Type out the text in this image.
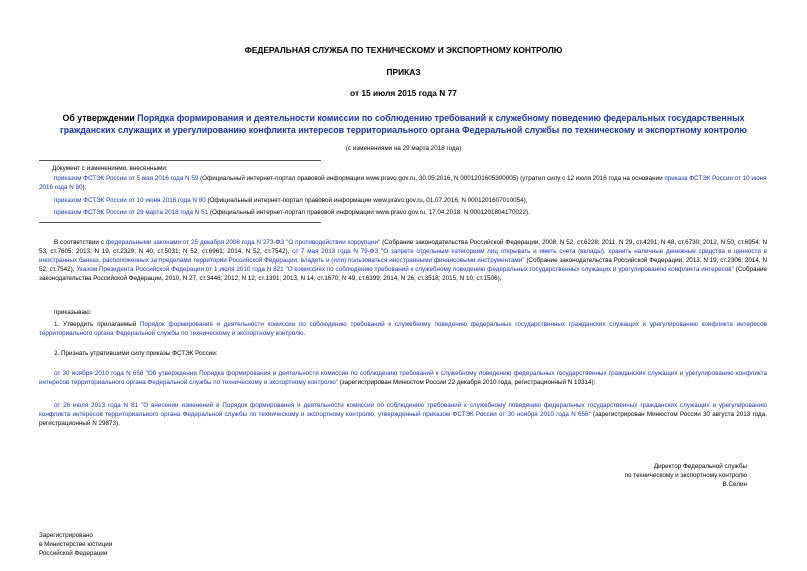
ФЕДЕРАЛЬНАЯ СЛУЖБА ПО ТЕХНИЧЕСКОМУ И ЭКСПОРТНОМУ КОНТРОЛЮ
ПРИКАЗ
от 15 июля 2015 года N 77
Об утверждении Порядка формирования и деятельности комиссии по соблюдению требований к служебному поведению федеральных государственных гражданских служащих и урегулированию конфликта интересов территориального органа Федеральной службы по техническому и экспортному контролю
(с изменениями на 29 марта 2018 года)
Документ с изменениями, внесенными:
приказом ФСТЭК России от 5 мая 2016 года N 59 (Официальный интернет-портал правовой информации www.pravo.gov.ru, 30.05.2016, N 0001201605300005) (утратил силу с 12 июля 2016 года на основании приказа ФСТЭК России от 10 июня 2016 года N 80);
приказом ФСТЭК России от 10 июня 2016 года N 80 (Официальный интернет-портал правовой информации www.pravo.gov.ru, 01.07.2016, N 0001201607010054);
приказом ФСТЭК России от 29 марта 2018 года N 51 (Официальный интернет-портал правовой информации www.pravo.gov.ru, 17.04.2018, N 0001201804170022).
В соответствии с федеральными законами от 25 декабря 2008 года N 273-ФЗ "О противодействии коррупции" (Собрание законодательства Российской Федерации, 2008, N 52, ст.6228; 2011, N 29, ст.4291; N 48, ст.6730; 2012, N 50, ст.6954; N 53, ст.7605; 2013, N 19, ст.2329; N 40, ст.5031; N 52, ст.6961; 2014, N 52, ст.7542), от 7 мая 2013 года N 79-ФЗ "О запрете отдельным категориям лиц открывать и иметь счета (вклады), хранить наличные денежные средства и ценности в иностранных банках, расположенных за пределами территории Российской Федерации, владеть и (или) пользоваться иностранными финансовыми инструментами" (Собрание законодательства Российской Федерации, 2013, N 19, ст.2306; 2014, N 52, ст.7542), Указом Президента Российской Федерации от 1 июля 2010 года N 821 "О комиссиях по соблюдению требований к служебному поведению федеральных государственных служащих и урегулированию конфликта интересов" (Собрание законодательства Российской Федерации, 2010, N 27, ст.3446; 2012, N 12, ст.1391; 2013, N 14, ст.1670; N 49, ст.6399; 2014, N 26, ст.3518; 2015, N 10, ст.1506),
приказываю:
1. Утвердить прилагаемый Порядок формирования и деятельности комиссии по соблюдению требований к служебному поведению федеральных государственных гражданских служащих и урегулированию конфликта интересов территориального органа Федеральной службы по техническому и экспортному контролю.
2. Признать утратившими силу приказы ФСТЭК России:
от 30 ноября 2010 года N 656 "Об утверждении Порядка формирования и деятельности комиссии по соблюдению требований к служебному поведению федеральных государственных гражданских служащих и урегулированию конфликта интересов территориального органа Федеральной службы по техническому и экспортному контролю" (зарегистрирован Минюстом России 22 декабря 2010 года, регистрационный N 19314);
от 26 июля 2013 года N 81 "О внесении изменений в Порядок формирования и деятельности комиссии по соблюдению требований к служебному поведению федеральных государственных гражданских служащих и урегулированию конфликта интересов территориального органа Федеральной службы по техническому и экспортному контролю, утвержденный приказом ФСТЭК России от 30 ноября 2010 года N 656" (зарегистрирован Минюстом России 30 августа 2013 года, регистрационный N 29873).
Директор Федеральной службы
по техническому и экспортному контролю
В.Селин
Зарегистрировано
в Министерстве юстиции
Российской Федерации
